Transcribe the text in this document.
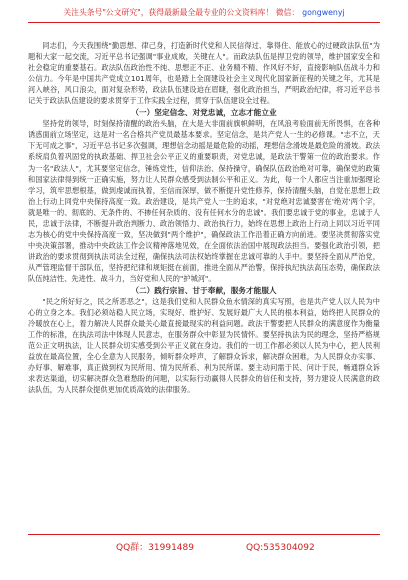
关注头条号"公文研究"，获得最新最全最专业的公文资料库！ 微信： gongwenyj

同志们，今天我围绕"勤思想、律己身，打造新时代党和人民信得过、靠得住、能放心的过硬政法队伍"为题和大家一起交流，习近平总书记强调"事业成败，关键在人"。而政法队伍是捍卫党的领导，维护国家安全和社会稳定的重要基石。政法队伍政治性不纯、思想正不正、业务精不精、作风好不好，直接影响队伍战斗力和公信力。今年是中国共产党成立101周年，也是踏上全面建设社会主义现代化国家新征程的关键之年，尤其是河入峡谷，风口浪尖，面对复杂形势，政法队伍建设迫在眉睫，强化政治担当，严明政治纪律，将习近平总书记关于政法队伍建设的要求贯穿于工作实践全过程，贯穿于队伍建设全过程。

（一）坚定信念、对党忠诚，立志才能立业

坚持党的领导，时刻保持清醒的政治头脑，在大是大非面前旗帜鲜明，在风浪考验面前无所畏惧，在各种诱惑面前立场坚定，这是对一名合格共产党员最基本要求。坚定信念，是共产党人一生的必修课。"志不立，天下无可成之事"，习近平总书记多次强调，理想信念动摇是最危险的动摇，理想信念滑坡是最危险的滑坡。政法系统肩负着巩固党的执政基础、捍卫社会公平正义的重要职责，对党忠诚，是政法干警第一位的政治要求。作为一名"政法人"，尤其要坚定信念，锤炼党性，信仰法治、保持操守，确保队伍政治绝对可靠，确保党的政策和国家法律得到统一正确实施，努力让人民群众感受到法制公平和正义。为此，每一个人都应当注重加强理论学习，筑牢思想根基，做到虔诚而执着，至信而深厚，做不断提升党性修养，保持清醒头脑，自觉在思想上政治上行动上同党中央保持高度一致。政治建设，是共产党人一生的追求，"对党绝对忠诚要害在'绝对'两个字，就是唯一的、彻底的、无条件的、不掺任何杂质的、没有任何水分的忠诚"。我们要忠诚于党的事业，忠诚于人民，忠诚于法律，不断提升政治判断力、政治领悟力、政治执行力，始终在思想上政治上行动上同以习近平同志为核心的党中央保持高度一致，坚决做到"两个维护"，确保政法工作沿着正确方向前进。要坚决贯彻落实党中央决策部署，推动中央政法工作会议精神落地见效，在全面依法治国中展现政法担当。要强化政治引领，把讲政治的要求贯彻到执法司法全过程，确保执法司法权始终掌握在忠诚可靠的人手中。要坚持全面从严治党，从严管理监督干部队伍，坚持把纪律和规矩挺在前面，推进全面从严治警，保持执纪执法高压态势，确保政法队伍纯洁性、先进性、战斗力，当好党和人民的"护城河"。

（二）践行宗旨、甘于奉献，服务才能服人

"民之所好好之，民之所恶恶之"，这是我们党和人民群众鱼水情深的真实写照，也是共产党人以人民为中心的立身之本。我们必须站稳人民立场，实现好、维护好、发展好最广大人民的根本利益，始终把人民群众的冷暖放在心上，着力解决人民群众最关心最直接最现实的利益问题。政法干警要把人民群众的满意度作为衡量工作的标准，在执法司法中体现人民意志，在服务群众中彰显为民情怀。要坚持执法为民的理念，坚持严格规范公正文明执法，让人民群众切实感受到公平正义就在身边。我们的一切工作都必须以人民为中心，把人民利益放在最高位置，全心全意为人民服务，倾听群众呼声，了解群众诉求，解决群众困难，为人民群众办实事、办好事、解难事，真正做到权为民所用、情为民所系、利为民所谋。要主动问需于民、问计于民，畅通群众诉求表达渠道，切实解决群众急难愁盼的问题，以实际行动赢得人民群众的信任和支持，努力建设人民满意的政法队伍，为人民群众提供更加优质高效的法律服务。

QQ群：31991489	QQ:535304092
